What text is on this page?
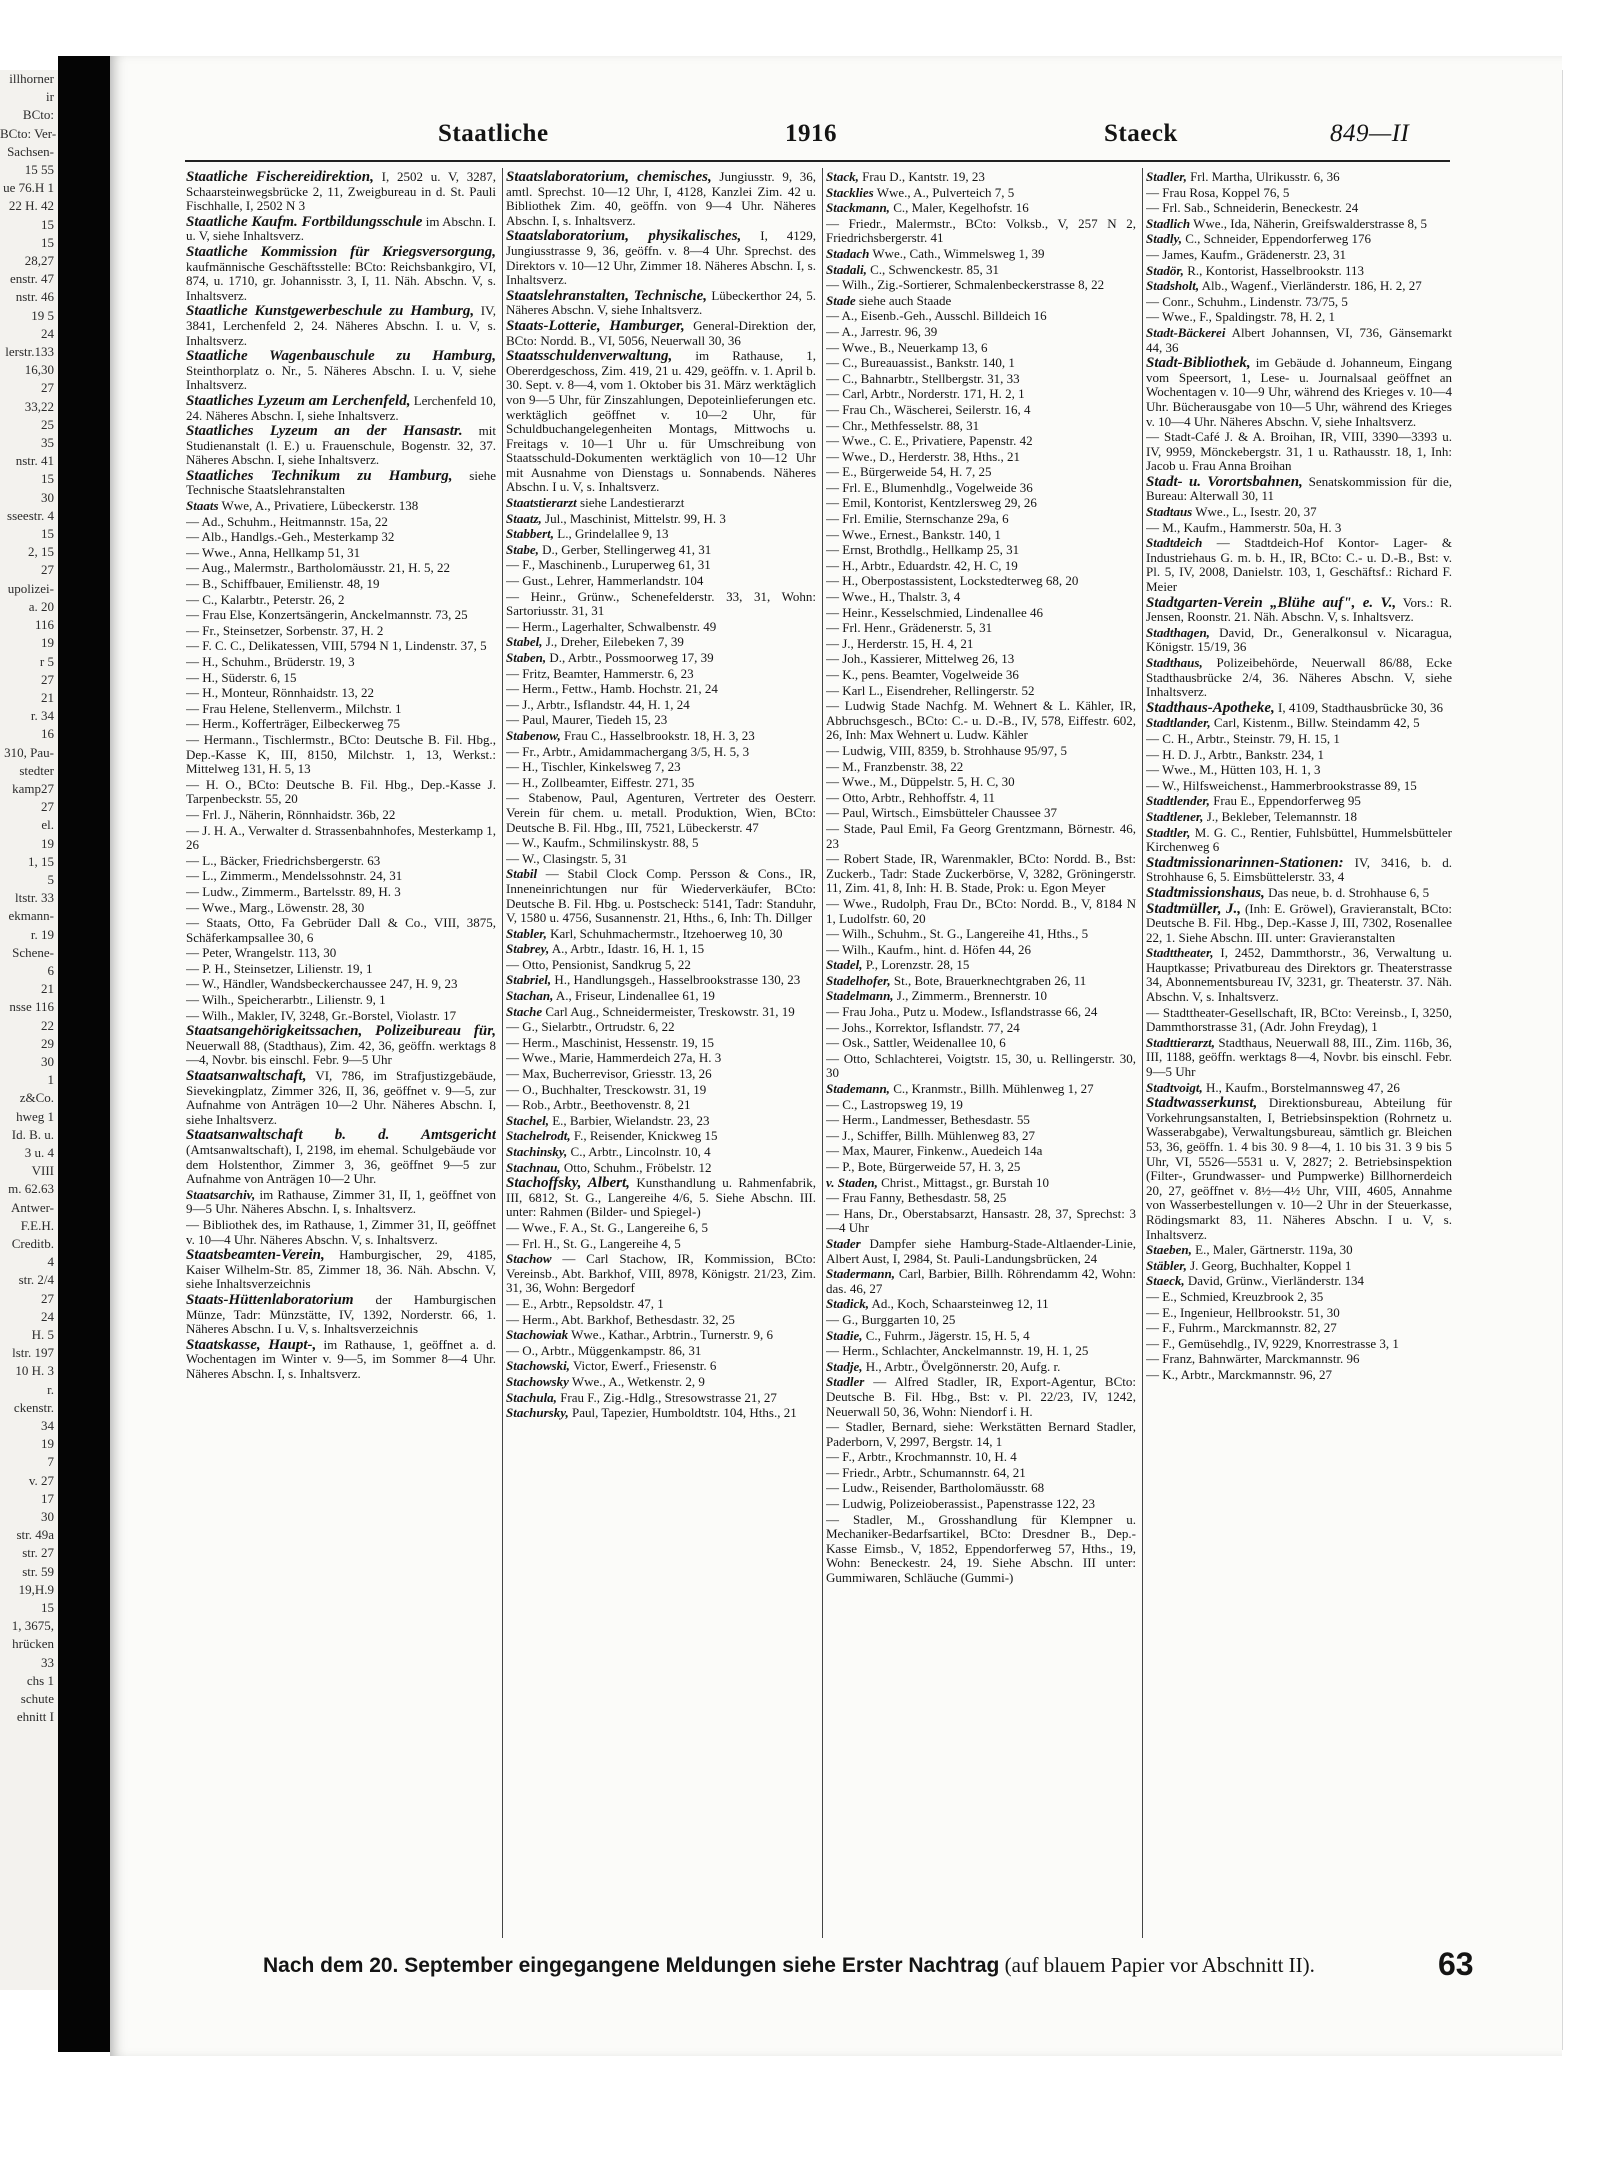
illhorner
ir
BCto:
BCto: Ver-
Sachsen-
15 55
ue 76.H 1
22 H. 42
15
15
28,27
enstr. 47
nstr. 46
19 5
24
lerstr.133
16,30
27
33,22
25
35
nstr. 41
15
30
sseestr. 4
15
2, 15
27
upolizei-
a. 20
116
19
r 5
27
21
r. 34
16
310, Pau-
stedter
kamp27
27
el.
19
1, 15
5
ltstr. 33
ekmann-
r. 19
Schene-
6
21
nsse 116
22
29
30
1
z&Co.
hweg 1
Id. B. u.
3 u. 4
VIII
m. 62.63
Antwer-
F.E.H.
Creditb.
4
str. 2/4
27
24
H. 5
lstr. 197
10 H. 3
r.
ckenstr.
34
19
7
v. 27
17
30
str. 49a
str. 27
str. 59
19,H.9
15
1, 3675,
hrücken
33
chs 1
schute
ehnitt I
Staatliche	1916	Staeck	849—II
Staatliche Fischereidirektion, I, 2502 u. V, 3287, Schaarsteinwegsbrücke 2, 11, Zweigbureau in d. St. Pauli Fischhalle, I, 2502 N 3
Staatliche Kaufm. Fortbildungsschule im Abschn. I. u. V, siehe Inhaltsverz.
Staatliche Kommission für Kriegsversorgung, kaufmännische Geschäftsstelle: BCto: Reichsbankgiro, VI, 874, u. 1710, gr. Johannisstr. 3, I, 11. Näh. Abschn. V, s. Inhaltsverz.
Staatliche Kunstgewerbeschule zu Hamburg, IV, 3841, Lerchenfeld 2, 24. Näheres Abschn. I. u. V, s. Inhaltsverz.
Staatliche Wagenbauschule zu Hamburg, Steinthorplatz o. Nr., 5. Näheres Abschn. I. u. V, siehe Inhaltsverz.
Staatliches Lyzeum am Lerchenfeld, Lerchenfeld 10, 24. Näheres Abschn. I, siehe Inhaltsverz.
Staatliches Lyzeum an der Hansastr. mit Studienanstalt (l. E.) u. Frauenschule, Bogenstr. 32, 37. Näheres Abschn. I, siehe Inhaltsverz.
Staatliches Technikum zu Hamburg, siehe Technische Staatslehranstalten
Staats Wwe, A., Privatiere, Lübeckerstr. 138
— Ad., Schuhm., Heitmannstr. 15a, 22
— Alb., Handlgs.-Geh., Mesterkamp 32
— Wwe., Anna, Hellkamp 51, 31
— Aug., Malermstr., Bartholomäusstr. 21, H. 5, 22
— B., Schiffbauer, Emilienstr. 48, 19
— C., Kalarbtr., Peterstr. 26, 2
— Frau Else, Konzertsängerin, Anckelmannstr. 73, 25
— Fr., Steinsetzer, Sorbenstr. 37, H. 2
— F. C. C., Delikatessen, VIII, 5794 N 1, Lindenstr. 37, 5
— H., Schuhm., Brüderstr. 19, 3
— H., Süderstr. 6, 15
— H., Monteur, Rönnhaidstr. 13, 22
— Frau Helene, Stellenverm., Milchstr. 1
— Herm., Kofferträger, Eilbeckerweg 75
— Hermann., Tischlermstr., BCto: Deutsche B. Fil. Hbg., Dep.-Kasse K, III, 8150, Milchstr. 1, 13, Werkst.: Mittelweg 131, H. 5, 13
— H. O., BCto: Deutsche B. Fil. Hbg., Dep.-Kasse J. Tarpenbeckstr. 55, 20
— Frl. J., Näherin, Rönnhaidstr. 36b, 22
— J. H. A., Verwalter d. Strassenbahnhofes, Mesterkamp 1, 26
— L., Bäcker, Friedrichsbergerstr. 63
— L., Zimmerm., Mendelssohnstr. 24, 31
— Ludw., Zimmerm., Bartelsstr. 89, H. 3
— Wwe., Marg., Löwenstr. 28, 30
— Staats, Otto, Fa Gebrüder Dall & Co., VIII, 3875, Schäferkampsallee 30, 6
— Peter, Wrangelstr. 113, 30
— P. H., Steinsetzer, Lilienstr. 19, 1
— W., Händler, Wandsbeckerchaussee 247, H. 9, 23
— Wilh., Speicherarbtr., Lilienstr. 9, 1
— Wilh., Makler, IV, 3248, Gr.-Borstel, Violastr. 17
Staatsangehörigkeitssachen, Polizeibureau für, Neuerwall 88, (Stadthaus), Zim. 42, 36, geöffn. werktags 8—4, Novbr. bis einschl. Febr. 9—5 Uhr
Staatsanwaltschaft, VI, 786, im Strafjustizgebäude, Sievekingplatz, Zimmer 326, II, 36, geöffnet v. 9—5, zur Aufnahme von Anträgen 10—2 Uhr. Näheres Abschn. I, siehe Inhaltsverz.
Staatsanwaltschaft b. d. Amtsgericht (Amtsanwaltschaft), I, 2198, im ehemal. Schulgebäude vor dem Holstenthor, Zimmer 3, 36, geöffnet 9—5 zur Aufnahme von Anträgen 10—2 Uhr.
Staatsarchiv, im Rathause, Zimmer 31, II, 1, geöffnet von 9—5 Uhr. Näheres Abschn. I, s. Inhaltsverz.
— Bibliothek des, im Rathause, 1, Zimmer 31, II, geöffnet v. 10—4 Uhr. Näheres Abschn. V, s. Inhaltsverz.
Staatsbeamten-Verein, Hamburgischer, 29, 4185, Kaiser Wilhelm-Str. 85, Zimmer 18, 36. Näh. Abschn. V, siehe Inhaltsverzeichnis
Staats-Hüttenlaboratorium der Hamburgischen Münze, Tadr: Münzstätte, IV, 1392, Norderstr. 66, 1. Näheres Abschn. I u. V, s. Inhaltsverzeichnis
Staatskasse, Haupt-, im Rathause, 1, geöffnet a. d. Wochentagen im Winter v. 9—5, im Sommer 8—4 Uhr. Näheres Abschn. I, s. Inhaltsverz.
Staatslaboratorium, chemisches, Jungiusstr. 9, 36, amtl. Sprechst. 10—12 Uhr, I, 4128, Kanzlei Zim. 42 u. Bibliothek Zim. 40, geöffn. von 9—4 Uhr. Näheres Abschn. I, s. Inhaltsverz.
Staatslaboratorium, physikalisches, I, 4129, Jungiusstrasse 9, 36, geöffn. v. 8—4 Uhr. Sprechst. des Direktors v. 10—12 Uhr, Zimmer 18. Näheres Abschn. I, s. Inhaltsverz.
Staatslehranstalten, Technische, Lübeckerthor 24, 5. Näheres Abschn. V, siehe Inhaltsverz.
Staats-Lotterie, Hamburger, General-Direktion der, BCto: Nordd. B., VI, 5056, Neuerwall 30, 36
Staatsschuldenverwaltung, im Rathause, 1, Obererdgeschoss, Zim. 419, 21 u. 429, geöffn. v. 1. April b. 30. Sept. v. 8—4, vom 1. Oktober bis 31. März werktäglich von 9—5 Uhr, für Zinszahlungen, Depoteinlieferungen etc. werktäglich geöffnet v. 10—2 Uhr, für Schuldbuchangelegenheiten Montags, Mittwochs u. Freitags v. 10—1 Uhr u. für Umschreibung von Staatsschuld-Dokumenten werktäglich von 10—12 Uhr mit Ausnahme von Dienstags u. Sonnabends. Näheres Abschn. I u. V, s. Inhaltsverz.
Staatstierarzt siehe Landestierarzt
Staatz, Jul., Maschinist, Mittelstr. 99, H. 3
Stabbert, L., Grindelallee 9, 13
Stabe, D., Gerber, Stellingerweg 41, 31
— F., Maschinenb., Luruperweg 61, 31
— Gust., Lehrer, Hammerlandstr. 104
— Heinr., Grünw., Schenefelderstr. 33, 31, Wohn: Sartoriusstr. 31, 31
— Herm., Lagerhalter, Schwalbenstr. 49
Stabel, J., Dreher, Eilebeken 7, 39
Staben, D., Arbtr., Possmoorweg 17, 39
— Fritz, Beamter, Hammerstr. 6, 23
— Herm., Fettw., Hamb. Hochstr. 21, 24
— J., Arbtr., Isflandstr. 44, H. 1, 24
— Paul, Maurer, Tiedeh 15, 23
Stabenow, Frau C., Hasselbrookstr. 18, H. 3, 23
— Fr., Arbtr., Amidammachergang 3/5, H. 5, 3
— H., Tischler, Kinkelsweg 7, 23
— H., Zollbeamter, Eiffestr. 271, 35
— Stabenow, Paul, Agenturen, Vertreter des Oesterr. Verein für chem. u. metall. Produktion, Wien, BCto: Deutsche B. Fil. Hbg., III, 7521, Lübeckerstr. 47
— W., Kaufm., Schmilinskystr. 88, 5
— W., Clasingstr. 5, 31
Stabil — Stabil Clock Comp. Persson & Cons., IR, Inneneinrichtungen nur für Wiederverkäufer, BCto: Deutsche B. Fil. Hbg. u. Postscheck: 5141, Tadr: Standuhr, V, 1580 u. 4756, Susannenstr. 21, Hths., 6, Inh: Th. Dillger
Stabler, Karl, Schuhmachermstr., Itzehoerweg 10, 30
Stabrey, A., Arbtr., Idastr. 16, H. 1, 15
— Otto, Pensionist, Sandkrug 5, 22
Stabriel, H., Handlungsgeh., Hasselbrookstrasse 130, 23
Stachan, A., Friseur, Lindenallee 61, 19
Stache Carl Aug., Schneidermeister, Treskowstr. 31, 19
— G., Sielarbtr., Ortrudstr. 6, 22
— Herm., Maschinist, Hessenstr. 19, 15
— Wwe., Marie, Hammerdeich 27a, H. 3
— Max, Bucherrevisor, Griesstr. 13, 26
— O., Buchhalter, Tresckowstr. 31, 19
— Rob., Arbtr., Beethovenstr. 8, 21
Stachel, E., Barbier, Wielandstr. 23, 23
Stachelrodt, F., Reisender, Knickweg 15
Stachinsky, C., Arbtr., Lincolnstr. 10, 4
Stachnau, Otto, Schuhm., Fröbelstr. 12
Stachoffsky, Albert, Kunsthandlung u. Rahmenfabrik, III, 6812, St. G., Langereihe 4/6, 5. Siehe Abschn. III. unter: Rahmen (Bilder- und Spiegel-)
— Wwe., F. A., St. G., Langereihe 6, 5
— Frl. H., St. G., Langereihe 4, 5
Stachow — Carl Stachow, IR, Kommission, BCto: Vereinsb., Abt. Barkhof, VIII, 8978, Königstr. 21/23, Zim. 31, 36, Wohn: Bergedorf
— E., Arbtr., Repsoldstr. 47, 1
— Herm., Abt. Barkhof, Bethesdastr. 32, 25
Stachowiak Wwe., Kathar., Arbtrin., Turnerstr. 9, 6
— O., Arbtr., Müggenkampstr. 86, 31
Stachowski, Victor, Ewerf., Friesenstr. 6
Stachowsky Wwe., A., Wetkenstr. 2, 9
Stachula, Frau F., Zig.-Hdlg., Stresowstrasse 21, 27
Stachursky, Paul, Tapezier, Humboldtstr. 104, Hths., 21
Stack, Frau D., Kantstr. 19, 23
Stacklies Wwe., A., Pulverteich 7, 5
Stackmann, C., Maler, Kegelhofstr. 16
— Friedr., Malermstr., BCto: Volksb., V, 257 N 2, Friedrichsbergerstr. 41
Stadach Wwe., Cath., Wimmelsweg 1, 39
Stadali, C., Schwenckestr. 85, 31
— Wilh., Zig.-Sortierer, Schmalenbeckerstrasse 8, 22
Stade siehe auch Staade
— A., Eisenb.-Geh., Ausschl. Billdeich 16
— A., Jarrestr. 96, 39
— Wwe., B., Neuerkamp 13, 6
— C., Bureauassist., Bankstr. 140, 1
— C., Bahnarbtr., Stellbergstr. 31, 33
— Carl, Arbtr., Norderstr. 171, H. 2, 1
— Frau Ch., Wäscherei, Seilerstr. 16, 4
— Chr., Methfesselstr. 88, 31
— Wwe., C. E., Privatiere, Papenstr. 42
— Wwe., D., Herderstr. 38, Hths., 21
— E., Bürgerweide 54, H. 7, 25
— Frl. E., Blumenhdlg., Vogelweide 36
— Emil, Kontorist, Kentzlersweg 29, 26
— Frl. Emilie, Sternschanze 29a, 6
— Wwe., Ernest., Bankstr. 140, 1
— Ernst, Brothdlg., Hellkamp 25, 31
— H., Arbtr., Eduardstr. 42, H. C, 19
— H., Oberpostassistent, Lockstedterweg 68, 20
— Wwe., H., Thalstr. 3, 4
— Heinr., Kesselschmied, Lindenallee 46
— Frl. Henr., Grädenerstr. 5, 31
— J., Herderstr. 15, H. 4, 21
— Joh., Kassierer, Mittelweg 26, 13
— K., pens. Beamter, Vogelweide 36
— Karl L., Eisendreher, Rellingerstr. 52
— Ludwig Stade Nachfg. M. Wehnert & L. Kähler, IR, Abbruchsgesch., BCto: C.- u. D.-B., IV, 578, Eiffestr. 602, 26, Inh: Max Wehnert u. Ludw. Kähler
— Ludwig, VIII, 8359, b. Strohhause 95/97, 5
— M., Franzbenstr. 38, 22
— Wwe., M., Düppelstr. 5, H. C, 30
— Otto, Arbtr., Rehhoffstr. 4, 11
— Paul, Wirtsch., Eimsbütteler Chaussee 37
— Stade, Paul Emil, Fa Georg Grentzmann, Börnestr. 46, 23
— Robert Stade, IR, Warenmakler, BCto: Nordd. B., Bst: Zuckerb., Tadr: Stade Zuckerbörse, V, 3282, Gröningerstr. 11, Zim. 41, 8, Inh: H. B. Stade, Prok: u. Egon Meyer
— Wwe., Rudolph, Frau Dr., BCto: Nordd. B., V, 8184 N 1, Ludolfstr. 60, 20
— Wilh., Schuhm., St. G., Langereihe 41, Hths., 5
— Wilh., Kaufm., hint. d. Höfen 44, 26
Stadel, P., Lorenzstr. 28, 15
Stadelhofer, St., Bote, Brauerknechtgraben 26, 11
Stadelmann, J., Zimmerm., Brennerstr. 10
— Frau Joha., Putz u. Modew., Isflandstrasse 66, 24
— Johs., Korrektor, Isflandstr. 77, 24
— Osk., Sattler, Weidenallee 10, 6
— Otto, Schlachterei, Voigtstr. 15, 30, u. Rellingerstr. 30, 30
Stademann, C., Kranmstr., Billh. Mühlenweg 1, 27
— C., Lastropsweg 19, 19
— Herm., Landmesser, Bethesdastr. 55
— J., Schiffer, Billh. Mühlenweg 83, 27
— Max, Maurer, Finkenw., Auedeich 14a
— P., Bote, Bürgerweide 57, H. 3, 25
v. Staden, Christ., Mittagst., gr. Burstah 10
— Frau Fanny, Bethesdastr. 58, 25
— Hans, Dr., Oberstabsarzt, Hansastr. 28, 37, Sprechst: 3—4 Uhr
Stader Dampfer siehe Hamburg-Stade-Altlaender-Linie, Albert Aust, I, 2984, St. Pauli-Landungsbrücken, 24
Stadermann, Carl, Barbier, Billh. Röhrendamm 42, Wohn: das. 46, 27
Stadick, Ad., Koch, Schaarsteinweg 12, 11
— G., Burggarten 10, 25
Stadie, C., Fuhrm., Jägerstr. 15, H. 5, 4
— Herm., Schlachter, Anckelmannstr. 19, H. 1, 25
Stadje, H., Arbtr., Övelgönnerstr. 20, Aufg. r.
Stadler — Alfred Stadler, IR, Export-Agentur, BCto: Deutsche B. Fil. Hbg., Bst: v. Pl. 22/23, IV, 1242, Neuerwall 50, 36, Wohn: Niendorf i. H.
— Stadler, Bernard, siehe: Werkstätten Bernard Stadler, Paderborn, V, 2997, Bergstr. 14, 1
— F., Arbtr., Krochmannstr. 10, H. 4
— Friedr., Arbtr., Schumannstr. 64, 21
— Ludw., Reisender, Bartholomäusstr. 68
— Ludwig, Polizeioberassist., Papenstrasse 122, 23
— Stadler, M., Grosshandlung für Klempner u. Mechaniker-Bedarfsartikel, BCto: Dresdner B., Dep.-Kasse Eimsb., V, 1852, Eppendorferweg 57, Hths., 19, Wohn: Beneckestr. 24, 19. Siehe Abschn. III unter: Gummiwaren, Schläuche (Gummi-)
Stadler, Frl. Martha, Ulrikusstr. 6, 36
— Frau Rosa, Koppel 76, 5
— Frl. Sab., Schneiderin, Beneckestr. 24
Stadlich Wwe., Ida, Näherin, Greifswalderstrasse 8, 5
Stadly, C., Schneider, Eppendorferweg 176
— James, Kaufm., Grädenerstr. 23, 31
Stadör, R., Kontorist, Hasselbrookstr. 113
Stadsholt, Alb., Wagenf., Vierländerstr. 186, H. 2, 27
— Conr., Schuhm., Lindenstr. 73/75, 5
— Wwe., F., Spaldingstr. 78, H. 2, 1
Stadt-Bäckerei Albert Johannsen, VI, 736, Gänsemarkt 44, 36
Stadt-Bibliothek, im Gebäude d. Johanneum, Eingang vom Speersort, 1, Lese- u. Journalsaal geöffnet an Wochentagen v. 10—9 Uhr, während des Krieges v. 10—4 Uhr. Bücherausgabe von 10—5 Uhr, während des Krieges v. 10—4 Uhr. Näheres Abschn. V, siehe Inhaltsverz.
— Stadt-Café J. & A. Broihan, IR, VIII, 3390—3393 u. IV, 9959, Mönckebergstr. 31, 1 u. Rathausstr. 18, 1, Inh: Jacob u. Frau Anna Broihan
Stadt- u. Vorortsbahnen, Senatskommission für die, Bureau: Alterwall 30, 11
Stadtaus Wwe., L., Isestr. 20, 37
— M., Kaufm., Hammerstr. 50a, H. 3
Stadtdeich — Stadtdeich-Hof Kontor- Lager- & Industriehaus G. m. b. H., IR, BCto: C.- u. D.-B., Bst: v. Pl. 5, IV, 2008, Danielstr. 103, 1, Geschäftsf.: Richard F. Meier
Stadtgarten-Verein „Blühe auf", e. V., Vors.: R. Jensen, Roonstr. 21. Näh. Abschn. V, s. Inhaltsverz.
Stadthagen, David, Dr., Generalkonsul v. Nicaragua, Königstr. 15/19, 36
Stadthaus, Polizeibehörde, Neuerwall 86/88, Ecke Stadthausbrücke 2/4, 36. Näheres Abschn. V, siehe Inhaltsverz.
Stadthaus-Apotheke, I, 4109, Stadthausbrücke 30, 36
Stadtlander, Carl, Kistenm., Billw. Steindamm 42, 5
— C. H., Arbtr., Steinstr. 79, H. 15, 1
— H. D. J., Arbtr., Bankstr. 234, 1
— Wwe., M., Hütten 103, H. 1, 3
— W., Hilfsweichenst., Hammerbrookstrasse 89, 15
Stadtlender, Frau E., Eppendorferweg 95
Stadtlener, J., Bekleber, Telemannstr. 18
Stadtler, M. G. C., Rentier, Fuhlsbüttel, Hummelsbütteler Kirchenweg 6
Stadtmissionarinnen-Stationen: IV, 3416, b. d. Strohhause 6, 5. Eimsbüttelerstr. 33, 4
Stadtmissionshaus, Das neue, b. d. Strohhause 6, 5
Stadtmüller, J., (Inh: E. Gröwel), Gravieranstalt, BCto: Deutsche B. Fil. Hbg., Dep.-Kasse J, III, 7302, Rosenallee 22, 1. Siehe Abschn. III. unter: Gravieranstalten
Stadttheater, I, 2452, Dammthorstr., 36, Verwaltung u. Hauptkasse; Privatbureau des Direktors gr. Theaterstrasse 34, Abonnementsbureau IV, 3231, gr. Theaterstr. 37. Näh. Abschn. V, s. Inhaltsverz.
— Stadttheater-Gesellschaft, IR, BCto: Vereinsb., I, 3250, Dammthorstrasse 31, (Adr. John Freydag), 1
Stadttierarzt, Stadthaus, Neuerwall 88, III., Zim. 116b, 36, III, 1188, geöffn. werktags 8—4, Novbr. bis einschl. Febr. 9—5 Uhr
Stadtvoigt, H., Kaufm., Borstelmannsweg 47, 26
Stadtwasserkunst, Direktionsbureau, Abteilung für Vorkehrungsanstalten, I, Betriebsinspektion (Rohrnetz u. Wasserabgabe), Verwaltungsbureau, sämtlich gr. Bleichen 53, 36, geöffn. 1. 4 bis 30. 9 8—4, 1. 10 bis 31. 3 9 bis 5 Uhr, VI, 5526—5531 u. V, 2827; 2. Betriebsinspektion (Filter-, Grundwasser- und Pumpwerke) Billhornerdeich 20, 27, geöffnet v. 8½—4½ Uhr, VIII, 4605, Annahme von Wasserbestellungen v. 10—2 Uhr in der Steuerkasse, Rödingsmarkt 83, 11. Näheres Abschn. I u. V, s. Inhaltsverz.
Staeben, E., Maler, Gärtnerstr. 119a, 30
Stäbler, J. Georg, Buchhalter, Koppel 1
Staeck, David, Grünw., Vierländerstr. 134
— E., Schmied, Kreuzbrook 2, 35
— E., Ingenieur, Hellbrookstr. 51, 30
— F., Fuhrm., Marckmannstr. 82, 27
— F., Gemüsehdlg., IV, 9229, Knorrestrasse 3, 1
— Franz, Bahnwärter, Marckmannstr. 96
— K., Arbtr., Marckmannstr. 96, 27
Nach dem 20. September eingegangene Meldungen siehe Erster Nachtrag (auf blauem Papier vor Abschnitt II).	63
